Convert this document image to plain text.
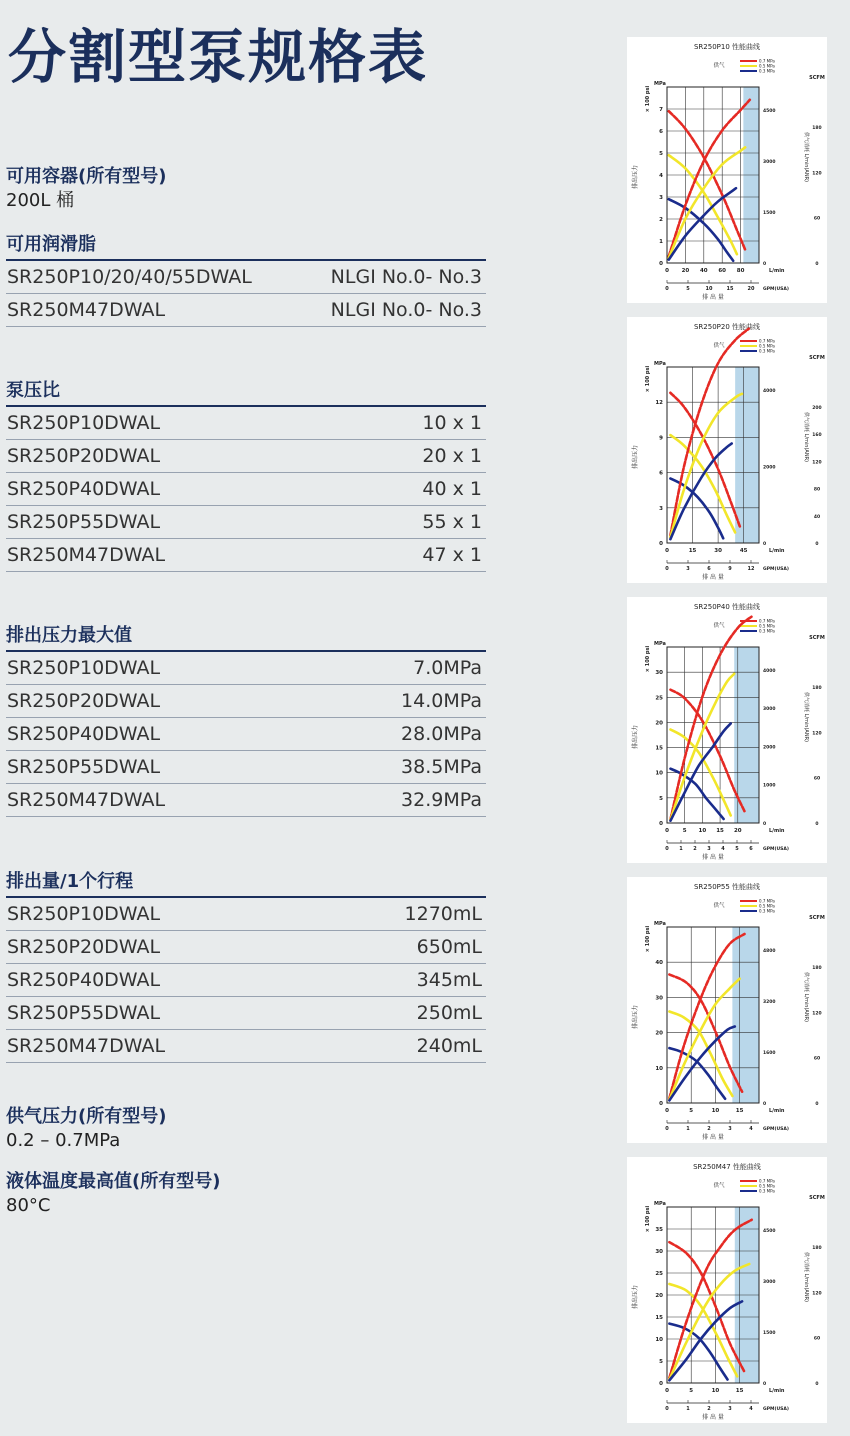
分割型泵规格表
可用容器(所有型号)
200L 桶
可用润滑脂
SR250P10/20/40/55DWAL	NLGI No.0- No.3
SR250M47DWAL	NLGI No.0- No.3
泵压比
SR250P10DWAL	10 x 1
SR250P20DWAL	20 x 1
SR250P40DWAL	40 x 1
SR250P55DWAL	55 x 1
SR250M47DWAL	47 x 1
排出压力最大值
SR250P10DWAL	7.0MPa
SR250P20DWAL	14.0MPa
SR250P40DWAL	28.0MPa
SR250P55DWAL	38.5MPa
SR250M47DWAL	32.9MPa
排出量/1个行程
SR250P10DWAL	1270mL
SR250P20DWAL	650mL
SR250P40DWAL	345mL
SR250P55DWAL	250mL
SR250M47DWAL	240mL
供气压力(所有型号)
0.2 – 0.7MPa
液体温度最高值(所有型号)
80°C
SR250P10 性能曲线
供气
0.7 MPa
0.5 MPa
0.3 MPa
0 20 40 60 80
0
1
2
3
4
5
6
7
0
1500
3000
4500
0
60
120
180
0	5	10	15	20
L/min
GPM(USA)
排 出 量
× 100 psi
MPa
排出压力
SCFM
供气消耗 L/min(ANR)
SR250P20 性能曲线
供气
0.7 MPa
0.5 MPa
0.3 MPa
0	15	30	45
0
3
6
9
12
0
2000
4000
0
40
80
120
160
200
0	3	6	9	12
L/min
GPM(USA)
排 出 量
× 100 psi
MPa
排出压力
SCFM
供气消耗 L/min(ANR)
SR250P40 性能曲线
供气
0.7 MPa
0.5 MPa
0.3 MPa
0	5 10 15 20
0
5
10
15
20
25
30
0
1000
2000
3000
4000
0
60
120
180
0 1 2 3 4 5 6
L/min
GPM(USA)
排 出 量
× 100 psi
MPa
排出压力
SCFM
供气消耗 L/min(ANR)
SR250P55 性能曲线
供气
0.7 MPa
0.5 MPa
0.3 MPa
0	5	10	15
0
10
20
30
40
0
1600
3200
4800
0
60
120
180
0	1	2	3	4
L/min
GPM(USA)
排 出 量
× 100 psi
MPa
排出压力
SCFM
供气消耗 L/min(ANR)
SR250M47 性能曲线
供气
0.7 MPa
0.5 MPa
0.3 MPa
0	5	10	15
0
5
10
15
20
25
30
35
0
1500
3000
4500
0
60
120
180
0	1	2	3	4
L/min
GPM(USA)
排 出 量
× 100 psi
MPa
排出压力
SCFM
供气消耗 L/min(ANR)
